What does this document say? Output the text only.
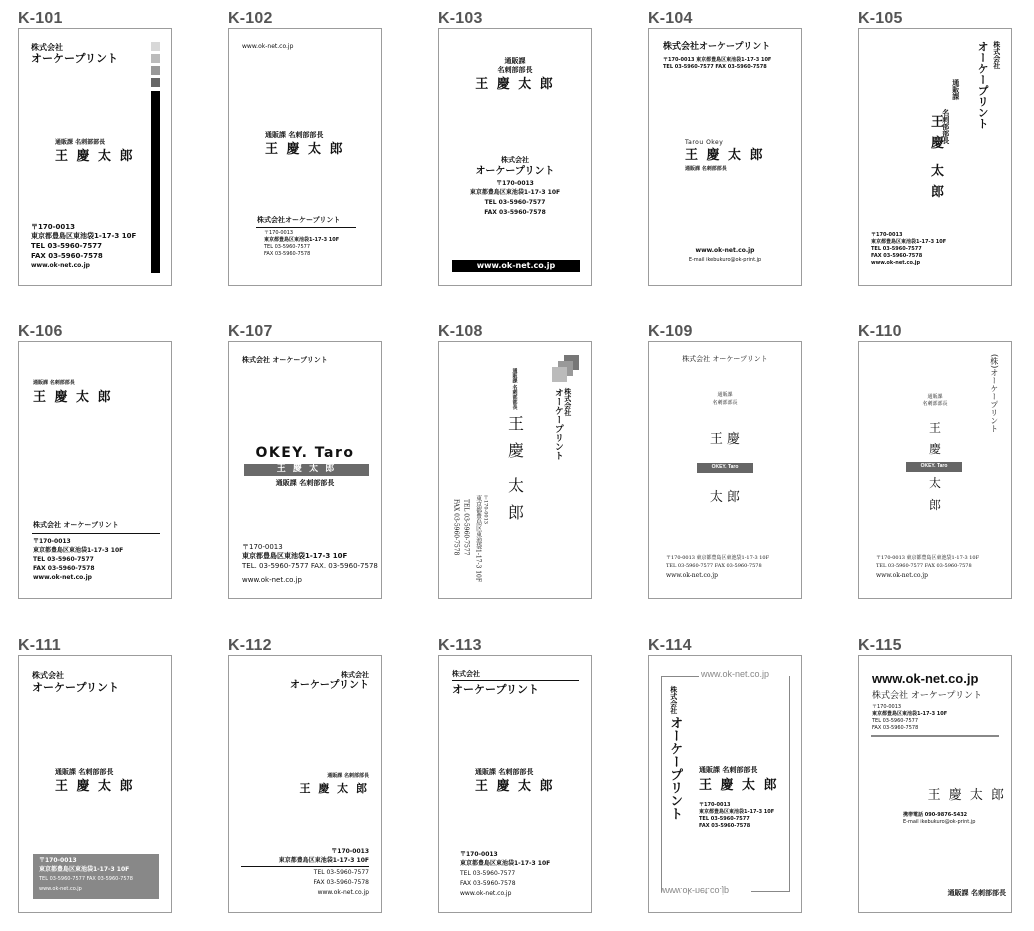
K-101
株式会社
オーケープリント
通販課 名刺部部長
王 慶 太 郎
〒170-0013
東京都豊島区東池袋1-17-3 10F
TEL 03-5960-7577
FAX 03-5960-7578
www.ok-net.co.jp
K-102
www.ok-net.co.jp
通販課 名刺部部長
王 慶 太 郎
株式会社オーケープリント
〒170-0013
東京都豊島区東池袋1-17-3 10F
TEL 03-5960-7577
FAX 03-5960-7578
K-103
通販課
名刺部部長
王 慶 太 郎
株式会社
オーケープリント
〒170-0013
東京都豊島区東池袋1-17-3 10F
TEL 03-5960-7577
FAX 03-5960-7578
www.ok-net.co.jp
K-104
株式会社オーケープリント
〒170-0013 東京都豊島区東池袋1-17-3 10F
TEL 03-5960-7577 FAX 03-5960-7578
Tarou Okey
王 慶 太 郎
通販課 名刺部部長
www.ok-net.co.jp
E-mail ikebukuro@ok-print.jp
K-105
株式会社
オーケープリント
通販課
名刺部部長
王
慶
太
郎
〒170-0013
東京都豊島区東池袋1-17-3 10F
TEL 03-5960-7577
FAX 03-5960-7578
www.ok-net.co.jp
K-106
通販課 名刺部部長
王 慶 太 郎
株式会社 オーケープリント
〒170-0013
東京都豊島区東池袋1-17-3 10F
TEL 03-5960-7577
FAX 03-5960-7578
www.ok-net.co.jp
K-107
株式会社 オーケープリント
OKEY. Taro
王 慶 太 郎
通販課 名刺部部長
〒170-0013
東京都豊島区東池袋1-17-3 10F
TEL. 03-5960-7577 FAX. 03-5960-7578
www.ok-net.co.jp
K-108
通販課 名刺部部長	株式会社
オーケープリント
王
慶
太
郎
〒170-0013
東京都豊島区東池袋1-17-3 10F
TEL 03-5960-7577
FAX 03-5960-7578
K-109
株式会社 オーケープリント
通販課
名刺部部長
王 慶
OKEY. Taro
太 郎
〒170-0013 東京都豊島区東池袋1-17-3 10F
TEL 03-5960-7577 FAX 03-5960-7578
www.ok-net.co.jp
K-110
(株)オーケープリント
通販課
名刺部部長
王
慶
OKEY. Taro
太
郎
〒170-0013 東京都豊島区東池袋1-17-3 10F
TEL 03-5960-7577 FAX 03-5960-7578
www.ok-net.co.jp
K-111
株式会社
オーケープリント
通販課 名刺部部長
王 慶 太 郎
〒170-0013
東京都豊島区東池袋1-17-3 10F
TEL 03-5960-7577 FAX 03-5960-7578
www.ok-net.co.jp
K-112
株式会社
オーケープリント
通販課 名刺部部長
王 慶 太 郎
〒170-0013
東京都豊島区東池袋1-17-3 10F
TEL 03-5960-7577
FAX 03-5960-7578
www.ok-net.co.jp
K-113
株式会社
オーケープリント
通販課 名刺部部長
王 慶 太 郎
〒170-0013
東京都豊島区東池袋1-17-3 10F
TEL 03-5960-7577
FAX 03-5960-7578
www.ok-net.co.jp
K-114
www.ok-net.co.jp
www.ok-net.co.jp
株式会社
オーケープリント 通販課 名刺部部長
王 慶 太 郎
〒170-0013
東京都豊島区東池袋1-17-3 10F
TEL 03-5960-7577
FAX 03-5960-7578
K-115
www.ok-net.co.jp
株式会社 オーケープリント
〒170-0013
東京都豊島区東池袋1-17-3 10F
TEL 03-5960-7577
FAX 03-5960-7578
王 慶 太 郎
携帯電話 090-9876-5432
E-mail ikebukuro@ok-print.jp
通販課 名刺部部長
